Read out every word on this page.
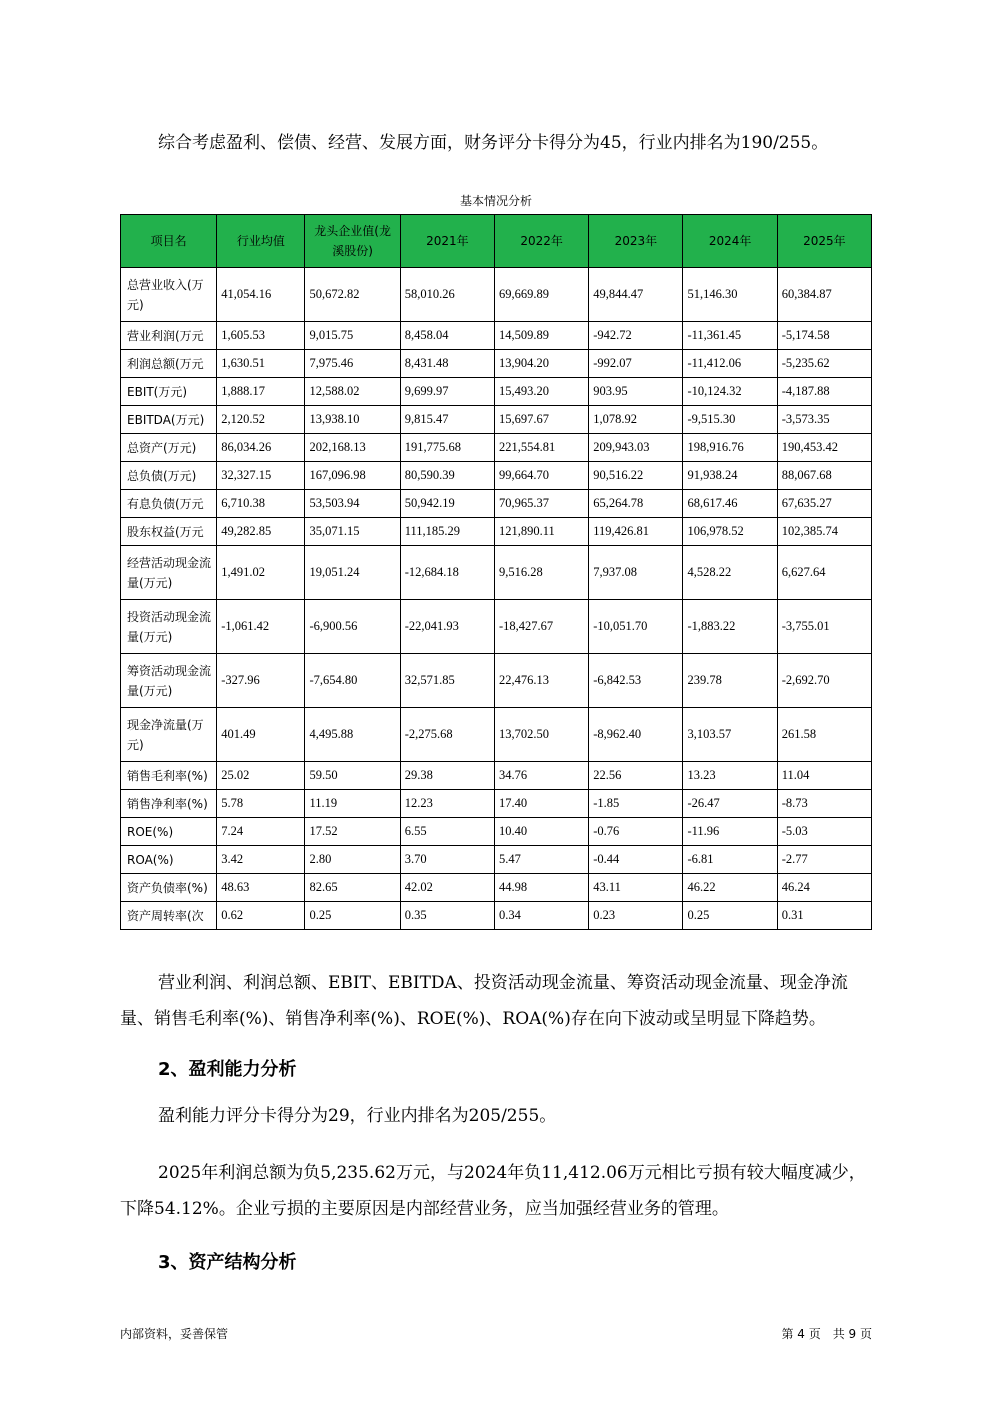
综合考虑盈利、偿债、经营、发展方面，财务评分卡得分为45，行业内排名为190/255。

基本情况分析
项目名	行业均值	龙头企业值(龙溪股份)	2021年	2022年	2023年	2024年	2025年
总营业收入(万元)	41,054.16	50,672.82	58,010.26	69,669.89	49,844.47	51,146.30	60,384.87
营业利润(万元	1,605.53	9,015.75	8,458.04	14,509.89	-942.72	-11,361.45	-5,174.58
利润总额(万元	1,630.51	7,975.46	8,431.48	13,904.20	-992.07	-11,412.06	-5,235.62
EBIT(万元)	1,888.17	12,588.02	9,699.97	15,493.20	903.95	-10,124.32	-4,187.88
EBITDA(万元)	2,120.52	13,938.10	9,815.47	15,697.67	1,078.92	-9,515.30	-3,573.35
总资产(万元)	86,034.26	202,168.13	191,775.68	221,554.81	209,943.03	198,916.76	190,453.42
总负债(万元)	32,327.15	167,096.98	80,590.39	99,664.70	90,516.22	91,938.24	88,067.68
有息负债(万元	6,710.38	53,503.94	50,942.19	70,965.37	65,264.78	68,617.46	67,635.27
股东权益(万元	49,282.85	35,071.15	111,185.29	121,890.11	119,426.81	106,978.52	102,385.74
经营活动现金流量(万元)	1,491.02	19,051.24	-12,684.18	9,516.28	7,937.08	4,528.22	6,627.64
投资活动现金流量(万元)	-1,061.42	-6,900.56	-22,041.93	-18,427.67	-10,051.70	-1,883.22	-3,755.01
筹资活动现金流量(万元)	-327.96	-7,654.80	32,571.85	22,476.13	-6,842.53	239.78	-2,692.70
现金净流量(万元)	401.49	4,495.88	-2,275.68	13,702.50	-8,962.40	3,103.57	261.58
销售毛利率(%)	25.02	59.50	29.38	34.76	22.56	13.23	11.04
销售净利率(%)	5.78	11.19	12.23	17.40	-1.85	-26.47	-8.73
ROE(%)	7.24	17.52	6.55	10.40	-0.76	-11.96	-5.03
ROA(%)	3.42	2.80	3.70	5.47	-0.44	-6.81	-2.77
资产负债率(%)	48.63	82.65	42.02	44.98	43.11	46.22	46.24
资产周转率(次	0.62	0.25	0.35	0.34	0.23	0.25	0.31

营业利润、利润总额、EBIT、EBITDA、投资活动现金流量、筹资活动现金流量、现金净流量、销售毛利率(%)、销售净利率(%)、ROE(%)、ROA(%)存在向下波动或呈明显下降趋势。

2、盈利能力分析

盈利能力评分卡得分为29，行业内排名为205/255。

2025年利润总额为负5,235.62万元，与2024年负11,412.06万元相比亏损有较大幅度减少，下降54.12%。企业亏损的主要原因是内部经营业务，应当加强经营业务的管理。

3、资产结构分析
内部资料，妥善保管	第 4 页　共 9 页
